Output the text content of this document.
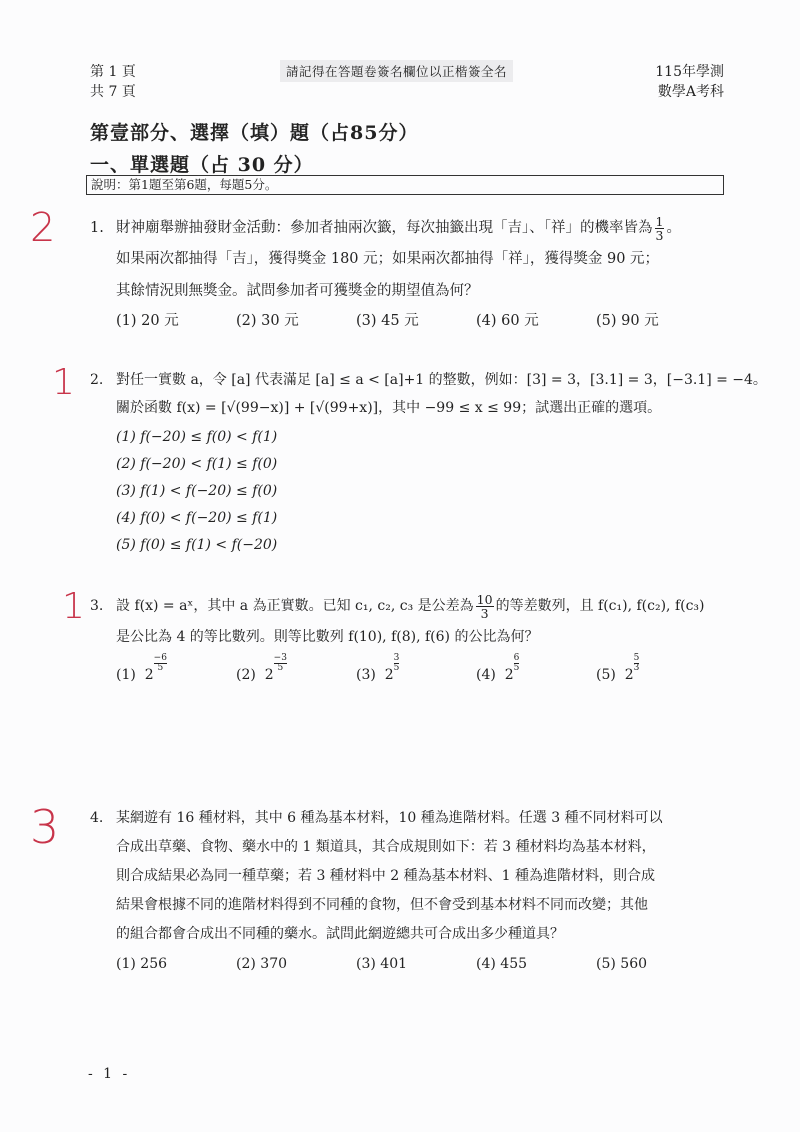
第 1 頁
共 7 頁
請記得在答題卷簽名欄位以正楷簽全名	115年學測
數學A考科
第壹部分、選擇（填）題（占85分）
一、單選題（占 30 分）
說明：第1題至第6題，每題5分。
2 1. 財神廟舉辦抽發財金活動：參加者抽兩次籤，每次抽籤出現「吉」、「祥」的機率皆為 $\frac{1}{3}$ 。
如果兩次都抽得「吉」，獲得獎金 180 元；如果兩次都抽得「祥」，獲得獎金 90 元；
其餘情況則無獎金。試問參加者可獲獎金的期望值為何？
(1) 20 元	(2) 30 元	(3) 45 元	(4) 60 元	(5) 90 元
1 2. 對任一實數 a，令 [a] 代表滿足 [a] ≤ a < [a]+1 的整數，例如：[3] = 3，[3.1] = 3，[−3.1] = −4。
關於函數 f(x) = [√(99−x)] + [√(99+x)]，其中 −99 ≤ x ≤ 99；試選出正確的選項。
(1) f(−20) ≤ f(0) < f(1)
(2) f(−20) < f(1) ≤ f(0)
(3) f(1) < f(−20) ≤ f(0)
(4) f(0) < f(−20) ≤ f(1)
(5) f(0) ≤ f(1) < f(−20)
1 3. 設 f(x) = aˣ，其中 a 為正實數。已知 c₁, c₂, c₃ 是公差為 $\frac{10}{3}$ 的等差數列，且 f(c₁), f(c₂), f(c₃)
是公比為 4 的等比數列。則等比數列 f(10), f(8), f(6) 的公比為何？
(1) 2
$\frac{-6}{5}$
(2) 2
$\frac{-3}{5}$
(3) 2
$\frac{3}{5}$
(4) 2
$\frac{6}{5}$
(5) 2
$\frac{5}{3}$
3 4. 某網遊有 16 種材料，其中 6 種為基本材料，10 種為進階材料。任選 3 種不同材料可以
合成出草藥、食物、藥水中的 1 類道具，其合成規則如下：若 3 種材料均為基本材料，
則合成結果必為同一種草藥；若 3 種材料中 2 種為基本材料、1 種為進階材料，則合成
結果會根據不同的進階材料得到不同種的食物，但不會受到基本材料不同而改變；其他
的組合都會合成出不同種的藥水。試問此網遊總共可合成出多少種道具？
(1) 256	(2) 370	(3) 401	(4) 455	(5) 560
- 1 -
